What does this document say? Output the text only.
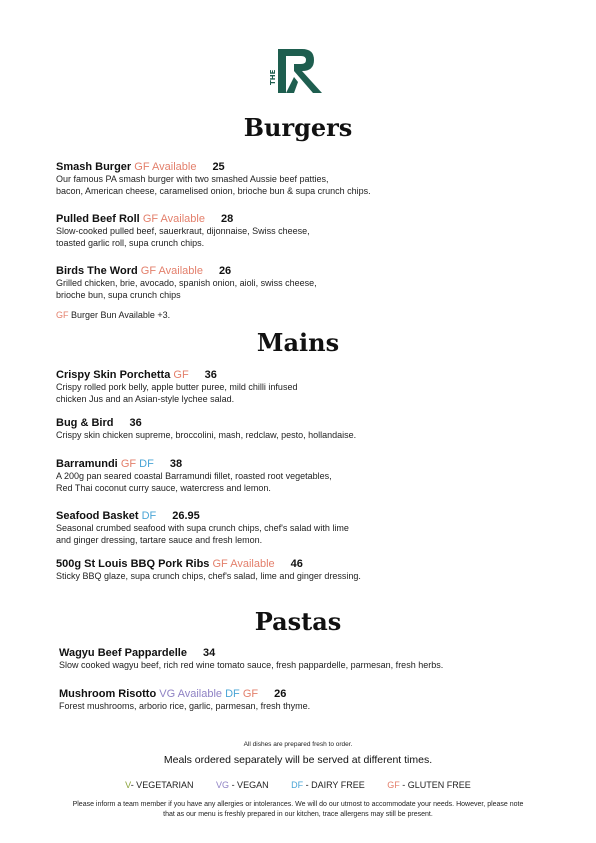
THE
Burgers
Smash Burger GF Available 25
Our famous PA smash burger with two smashed Aussie beef patties,
bacon, American cheese, caramelised onion, brioche bun & supa crunch chips.
Pulled Beef Roll GF Available 28
Slow-cooked pulled beef, sauerkraut, dijonnaise, Swiss cheese,
toasted garlic roll, supa crunch chips.
Birds The Word GF Available 26
Grilled chicken, brie, avocado, spanish onion, aioli, swiss cheese,
brioche bun, supa crunch chips
GF Burger Bun Available +3.
Mains
Crispy Skin Porchetta GF 36
Crispy rolled pork belly, apple butter puree, mild chilli infused
chicken Jus and an Asian-style lychee salad.
Bug & Bird 36
Crispy skin chicken supreme, broccolini, mash, redclaw, pesto, hollandaise.
Barramundi GF DF 38
A 200g pan seared coastal Barramundi fillet, roasted root vegetables,
Red Thai coconut curry sauce, watercress and lemon.
Seafood Basket DF 26.95
Seasonal crumbed seafood with supa crunch chips, chef's salad with lime
and ginger dressing, tartare sauce and fresh lemon.
500g St Louis BBQ Pork Ribs GF Available 46
Sticky BBQ glaze, supa crunch chips, chef's salad, lime and ginger dressing.
Pastas
Wagyu Beef Pappardelle 34
Slow cooked wagyu beef, rich red wine tomato sauce, fresh pappardelle, parmesan, fresh herbs.
Mushroom Risotto VG Available DF GF 26
Forest mushrooms, arborio rice, garlic, parmesan, fresh thyme.
All dishes are prepared fresh to order.
Meals ordered separately will be served at different times.
V- VEGETARIAN	VG - VEGAN	DF - DAIRY FREE	GF - GLUTEN FREE
Please inform a team member if you have any allergies or intolerances. We will do our utmost to accommodate your needs. However, please note that as our menu is freshly prepared in our kitchen, trace allergens may still be present.
